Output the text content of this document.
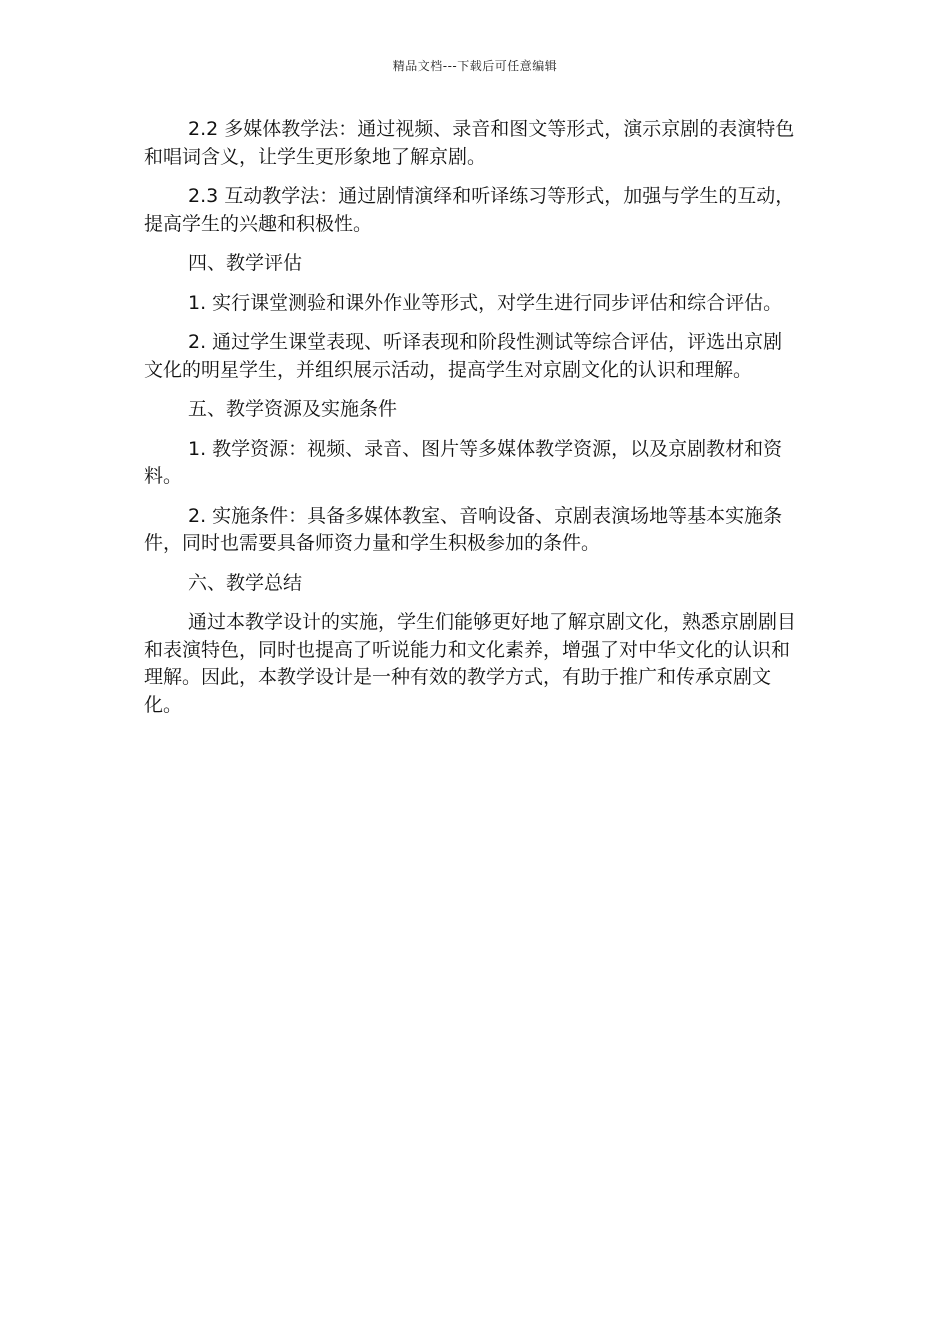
精品文档---下载后可任意编辑

2.2 多媒体教学法：通过视频、录音和图文等形式，演示京剧的表演特色和唱词含义，让学生更形象地了解京剧。

2.3 互动教学法：通过剧情演绎和听译练习等形式，加强与学生的互动，提高学生的兴趣和积极性。

四、教学评估

1. 实行课堂测验和课外作业等形式，对学生进行同步评估和综合评估。

2. 通过学生课堂表现、听译表现和阶段性测试等综合评估，评选出京剧文化的明星学生，并组织展示活动，提高学生对京剧文化的认识和理解。

五、教学资源及实施条件

1. 教学资源：视频、录音、图片等多媒体教学资源，以及京剧教材和资料。

2. 实施条件：具备多媒体教室、音响设备、京剧表演场地等基本实施条件，同时也需要具备师资力量和学生积极参加的条件。

六、教学总结

通过本教学设计的实施，学生们能够更好地了解京剧文化，熟悉京剧剧目和表演特色，同时也提高了听说能力和文化素养，增强了对中华文化的认识和理解。因此，本教学设计是一种有效的教学方式，有助于推广和传承京剧文化。
